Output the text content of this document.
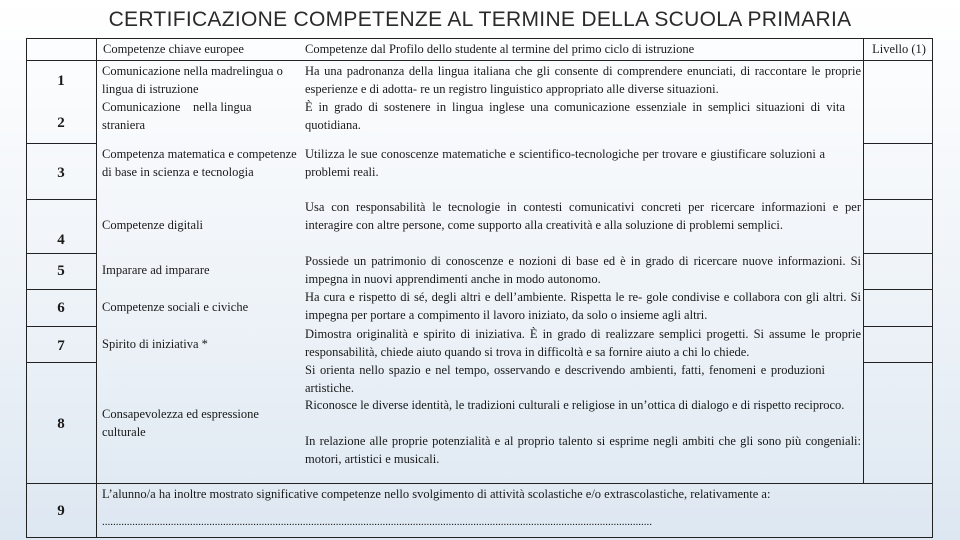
CERTIFICAZIONE COMPETENZE AL TERMINE DELLA SCUOLA PRIMARIA
Competenze chiave europee	Competenze dal Profilo dello studente al termine del primo ciclo di istruzione	Livello (1)
1
2
3
4
5
6
7
8
9
Comunicazione nella madrelingua o lingua di istruzione
Comunicazione    nella lingua straniera
Competenza matematica e competenze di base in scienza e tecnologia
Competenze digitali
Imparare ad imparare
Competenze sociali e civiche
Spirito di iniziativa *
Consapevolezza ed espressione culturale
Ha una padronanza della lingua italiana che gli consente di comprendere enunciati, di raccontare le proprie esperienze e di adotta- re un registro linguistico appropriato alle diverse situazioni.
È in grado di sostenere in lingua inglese una comunicazione essenziale in semplici situazioni di vita quotidiana.
Utilizza le sue conoscenze matematiche e scientifico-tecnologiche per trovare e giustificare soluzioni a problemi reali.
Usa con responsabilità le tecnologie in contesti comunicativi concreti per ricercare informazioni e per interagire con altre persone, come supporto alla creatività e alla soluzione di problemi semplici.
Possiede un patrimonio di conoscenze e nozioni di base ed è in grado di ricercare nuove informazioni. Si impegna in nuovi apprendimenti anche in modo autonomo.
Ha cura e rispetto di sé, degli altri e dell’ambiente. Rispetta le re- gole condivise e collabora con gli altri. Si impegna per portare a compimento il lavoro iniziato, da solo o insieme agli altri.
Dimostra originalità e spirito di iniziativa. È in grado di realizzare semplici progetti. Si assume le proprie responsabilità, chiede aiuto quando si trova in difficoltà e sa fornire aiuto a chi lo chiede.
Si orienta nello spazio e nel tempo, osservando e descrivendo ambienti, fatti, fenomeni e produzioni artistiche.
Riconosce le diverse identità, le tradizioni culturali e religiose in un’ottica di dialogo e di rispetto reciproco.
In relazione alle proprie potenzialità e al proprio talento si esprime negli ambiti che gli sono più congeniali: motori, artistici e musicali.
L’alunno/a ha inoltre mostrato significative competenze nello svolgimento di attività scolastiche e/o extrascolastiche, relativamente a:
........................................................................................................................................................................................................
